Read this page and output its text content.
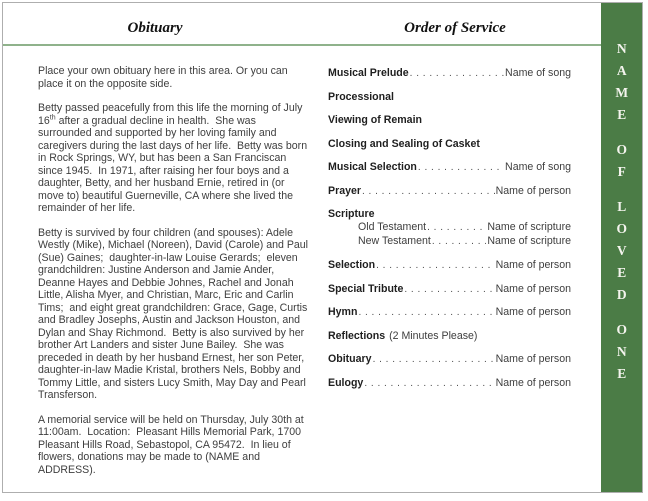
Obituary	Order of Service

Place your own obituary here in this area. Or you can place it on the opposite side.

Betty passed peacefully from this life the morning of July 16th after a gradual decline in health.  She was surrounded and supported by her loving family and caregivers during the last days of her life.  Betty was born in Rock Springs, WY, but has been a San Franciscan since 1945.  In 1971, after raising her four boys and a daughter, Betty, and her husband Ernie, retired in (or move to) beautiful Guerneville, CA where she lived the remainder of her life.

Betty is survived by four children (and spouses): Adele Westly (Mike), Michael (Noreen), David (Carole) and Paul (Sue) Gaines;  daughter-in-law Louise Gerards;  eleven grandchildren: Justine Anderson and Jamie Ander, Deanne Hayes and Debbie Johnes, Rachel and Jonah Little, Alisha Myer, and Christian, Marc, Eric and Carlin Tims;  and eight great grandchildren: Grace, Gage, Curtis and Bradley Josephs, Austin and Jackson Houston, and Dylan and Shay Richmond.  Betty is also survived by her brother Art Landers and sister June Bailey.  She was preceded in death by her husband Ernest, her son Peter, daughter-in-law Madie Kristal, brothers Nels, Bobby and Tommy Little, and sisters Lucy Smith, May Day and Pearl Transferson.

A memorial service will be held on Thursday, July 30th at 11:00am.  Location:  Pleasant Hills Memorial Park, 1700 Pleasant Hills Road, Sebastopol, CA 95472.  In lieu of flowers, donations may be made to (NAME and ADDRESS).

Musical Prelude . . .	Name of song
Processional
Viewing of Remain
Closing and Sealing of Casket
Musical Selection . . .	Name of song
Prayer . . .	Name of person
Scripture
Old Testament . . .	Name of scripture
New Testament . . .	Name of scripture
Selection . . .	Name of person
Special Tribute . . .	Name of person
Hymn . . .	Name of person
Reflections (2 Minutes Please)
Obituary . . .	Name of person
Eulogy . . .	Name of person
NAME
OF
LOVED
ONE
